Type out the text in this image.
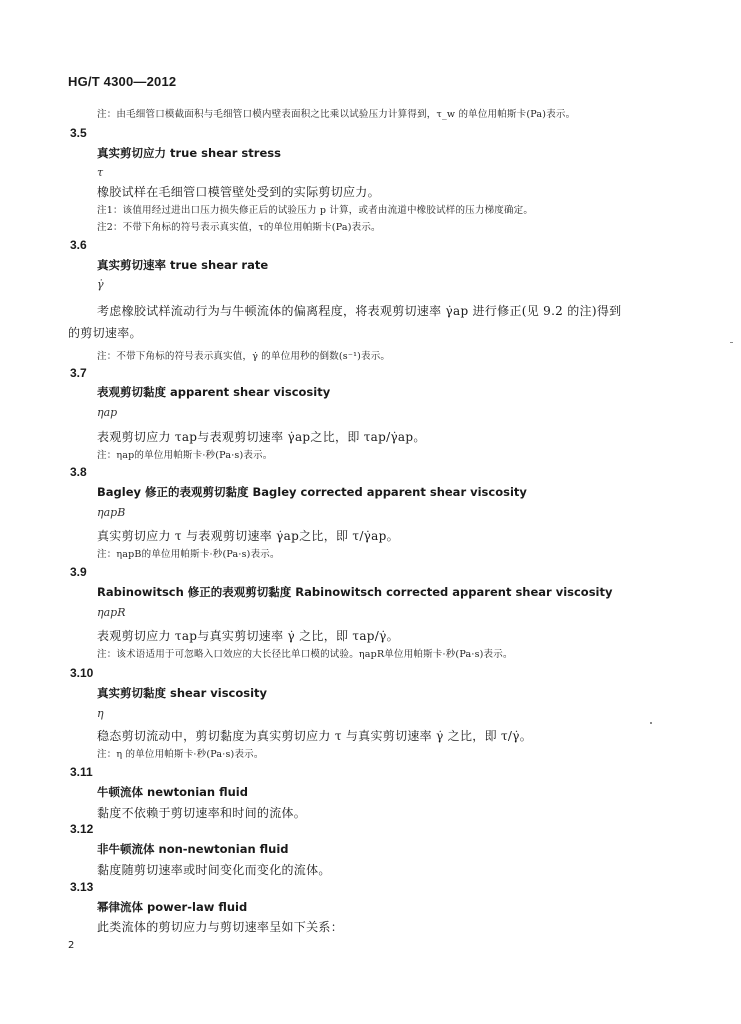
HG/T 4300—2012
注：由毛细管口模截面积与毛细管口模内壁表面积之比乘以试验压力计算得到，τ_w 的单位用帕斯卡(Pa)表示。
3.5
真实剪切应力 true shear stress
τ
橡胶试样在毛细管口模管壁处受到的实际剪切应力。
注1：该值用经过进出口压力损失修正后的试验压力 p 计算，或者由流道中橡胶试样的压力梯度确定。
注2：不带下角标的符号表示真实值，τ的单位用帕斯卡(Pa)表示。
3.6
真实剪切速率 true shear rate
γ̇
考虑橡胶试样流动行为与牛顿流体的偏离程度，将表观剪切速率 γ̇ap 进行修正(见 9.2 的注)得到
的剪切速率。
注：不带下角标的符号表示真实值，γ̇ 的单位用秒的倒数(s⁻¹)表示。
3.7
表观剪切黏度 apparent shear viscosity
ηap
表观剪切应力 τap与表观剪切速率 γ̇ap之比，即 τap/γ̇ap。
注：ηap的单位用帕斯卡·秒(Pa·s)表示。
3.8
Bagley 修正的表观剪切黏度 Bagley corrected apparent shear viscosity
ηapB
真实剪切应力 τ 与表观剪切速率 γ̇ap之比，即 τ/γ̇ap。
注：ηapB的单位用帕斯卡·秒(Pa·s)表示。
3.9
Rabinowitsch 修正的表观剪切黏度 Rabinowitsch corrected apparent shear viscosity
ηapR
表观剪切应力 τap与真实剪切速率 γ̇ 之比，即 τap/γ̇。
注：该术语适用于可忽略入口效应的大长径比单口模的试验。ηapR单位用帕斯卡·秒(Pa·s)表示。
3.10
真实剪切黏度 shear viscosity
η
稳态剪切流动中，剪切黏度为真实剪切应力 τ 与真实剪切速率 γ̇ 之比，即 τ/γ̇。
注：η 的单位用帕斯卡·秒(Pa·s)表示。
3.11
牛顿流体 newtonian fluid
黏度不依赖于剪切速率和时间的流体。
3.12
非牛顿流体 non-newtonian fluid
黏度随剪切速率或时间变化而变化的流体。
3.13
幂律流体 power-law fluid
此类流体的剪切应力与剪切速率呈如下关系：
2
